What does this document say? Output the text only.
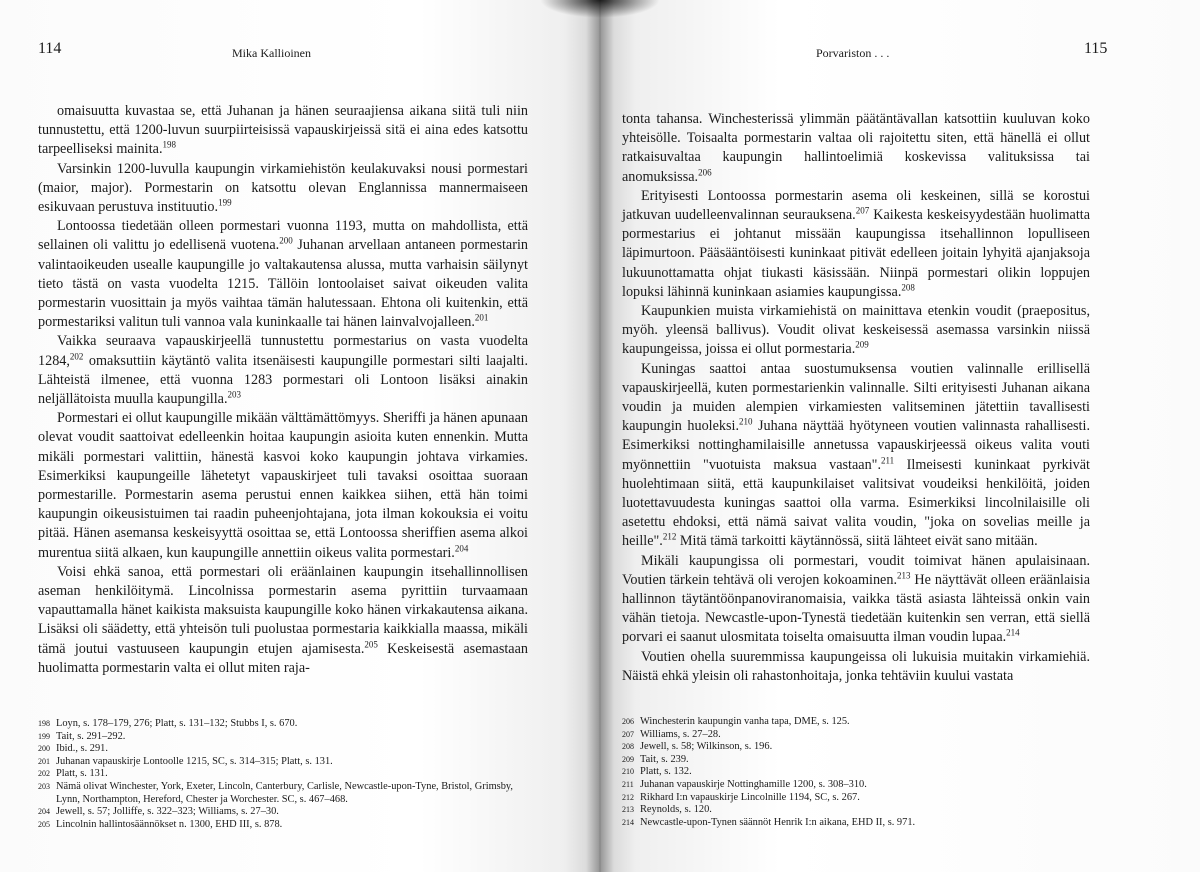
114	Mika Kallioinen

omaisuutta kuvastaa se, että Juhanan ja hänen seuraajiensa aikana siitä tuli niin tunnustettu, että 1200-luvun suurpiirteisissä vapauskirjeissä sitä ei aina edes katsottu tarpeelliseksi mainita.$^{198}$

Varsinkin 1200-luvulla kaupungin virkamiehistön keulakuvaksi nousi pormestari (maior, major). Pormestarin on katsottu olevan Englannissa mannermaiseen esikuvaan perustuva instituutio.$^{199}$

Lontoossa tiedetään olleen pormestari vuonna 1193, mutta on mahdollista, että sellainen oli valittu jo edellisenä vuotena.$^{200}$ Juhanan arvellaan antaneen pormestarin valintaoikeuden usealle kaupungille jo valtakautensa alussa, mutta varhaisin säilynyt tieto tästä on vasta vuodelta 1215. Tällöin lontoolaiset saivat oikeuden valita pormestarin vuosittain ja myös vaihtaa tämän halutessaan. Ehtona oli kuitenkin, että pormestariksi valitun tuli vannoa vala kuninkaalle tai hänen lainvalvojalleen.$^{201}$

Vaikka seuraava vapauskirjeellä tunnustettu pormestarius on vasta vuodelta 1284,$^{202}$ omaksuttiin käytäntö valita itsenäisesti kaupungille pormestari silti laajalti. Lähteistä ilmenee, että vuonna 1283 pormestari oli Lontoon lisäksi ainakin neljällätoista muulla kaupungilla.$^{203}$

Pormestari ei ollut kaupungille mikään välttämättömyys. Sheriffi ja hänen apunaan olevat voudit saattoivat edelleenkin hoitaa kaupungin asioita kuten ennenkin. Mutta mikäli pormestari valittiin, hänestä kasvoi koko kaupungin johtava virkamies. Esimerkiksi kaupungeille lähetetyt vapauskirjeet tuli tavaksi osoittaa suoraan pormestarille. Pormestarin asema perustui ennen kaikkea siihen, että hän toimi kaupungin oikeusistuimen tai raadin puheenjohtajana, jota ilman kokouksia ei voitu pitää. Hänen asemansa keskeisyyttä osoittaa se, että Lontoossa sheriffien asema alkoi murentua siitä alkaen, kun kaupungille annettiin oikeus valita pormestari.$^{204}$

Voisi ehkä sanoa, että pormestari oli eräänlainen kaupungin itsehallinnollisen aseman henkilöitymä. Lincolnissa pormestarin asema pyrittiin turvaamaan vapauttamalla hänet kaikista maksuista kaupungille koko hänen virkakautensa aikana. Lisäksi oli säädetty, että yhteisön tuli puolustaa pormestaria kaikkialla maassa, mikäli tämä joutui vastuuseen kaupungin etujen ajamisesta.$^{205}$ Keskeisestä asemastaan huolimatta pormestarin valta ei ollut miten raja-

198 Loyn, s. 178–179, 276; Platt, s. 131–132; Stubbs I, s. 670.
199 Tait, s. 291–292.
200 Ibid., s. 291.
201 Juhanan vapauskirje Lontoolle 1215, SC, s. 314–315; Platt, s. 131.
202 Platt, s. 131.
203 Nämä olivat Winchester, York, Exeter, Lincoln, Canterbury, Carlisle, Newcastle-upon-Tyne, Bristol, Grimsby, Lynn, Northampton, Hereford, Chester ja Worchester. SC, s. 467–468.
204 Jewell, s. 57; Jolliffe, s. 322–323; Williams, s. 27–30.
205 Lincolnin hallintosäännökset n. 1300, EHD III, s. 878.
115
Porvariston . . .

tonta tahansa. Winchesterissä ylimmän päätäntävallan katsottiin kuuluvan koko yhteisölle. Toisaalta pormestarin valtaa oli rajoitettu siten, että hänellä ei ollut ratkaisuvaltaa kaupungin hallintoelimiä koskevissa valituksissa tai anomuksissa.$^{206}$

Erityisesti Lontoossa pormestarin asema oli keskeinen, sillä se korostui jatkuvan uudelleenvalinnan seurauksena.$^{207}$ Kaikesta keskeisyydestään huolimatta pormestarius ei johtanut missään kaupungissa itsehallinnon lopulliseen läpimurtoon. Pääsääntöisesti kuninkaat pitivät edelleen joitain lyhyitä ajanjaksoja lukuunottamatta ohjat tiukasti käsissään. Niinpä pormestari olikin loppujen lopuksi lähinnä kuninkaan asiamies kaupungissa.$^{208}$

Kaupunkien muista virkamiehistä on mainittava etenkin voudit (praepositus, myöh. yleensä ballivus). Voudit olivat keskeisessä asemassa varsinkin niissä kaupungeissa, joissa ei ollut pormestaria.$^{209}$

Kuningas saattoi antaa suostumuksensa voutien valinnalle erillisellä vapauskirjeellä, kuten pormestarienkin valinnalle. Silti erityisesti Juhanan aikana voudin ja muiden alempien virkamiesten valitseminen jätettiin tavallisesti kaupungin huoleksi.$^{210}$ Juhana näyttää hyötyneen voutien valinnasta rahallisesti. Esimerkiksi nottinghamilaisille annetussa vapauskirjeessä oikeus valita vouti myönnettiin "vuotuista maksua vastaan".$^{211}$ Ilmeisesti kuninkaat pyrkivät huolehtimaan siitä, että kaupunkilaiset valitsivat voudeiksi henkilöitä, joiden luotettavuudesta kuningas saattoi olla varma. Esimerkiksi lincolnilaisille oli asetettu ehdoksi, että nämä saivat valita voudin, "joka on sovelias meille ja heille".$^{212}$ Mitä tämä tarkoitti käytännössä, siitä lähteet eivät sano mitään.

Mikäli kaupungissa oli pormestari, voudit toimivat hänen apulaisinaan. Voutien tärkein tehtävä oli verojen kokoaminen.$^{213}$ He näyttävät olleen eräänlaisia hallinnon täytäntöönpanoviranomaisia, vaikka tästä asiasta lähteissä onkin vain vähän tietoja. Newcastle-upon-Tynestä tiedetään kuitenkin sen verran, että siellä porvari ei saanut ulosmitata toiselta omaisuutta ilman voudin lupaa.$^{214}$

Voutien ohella suuremmissa kaupungeissa oli lukuisia muitakin virkamiehiä. Näistä ehkä yleisin oli rahastonhoitaja, jonka tehtäviin kuului vastata

206 Winchesterin kaupungin vanha tapa, DME, s. 125.
207 Williams, s. 27–28.
208 Jewell, s. 58; Wilkinson, s. 196.
209 Tait, s. 239.
210 Platt, s. 132.
211 Juhanan vapauskirje Nottinghamille 1200, s. 308–310.
212 Rikhard I:n vapauskirje Lincolnille 1194, SC, s. 267.
213 Reynolds, s. 120.
214 Newcastle-upon-Tynen säännöt Henrik I:n aikana, EHD II, s. 971.
